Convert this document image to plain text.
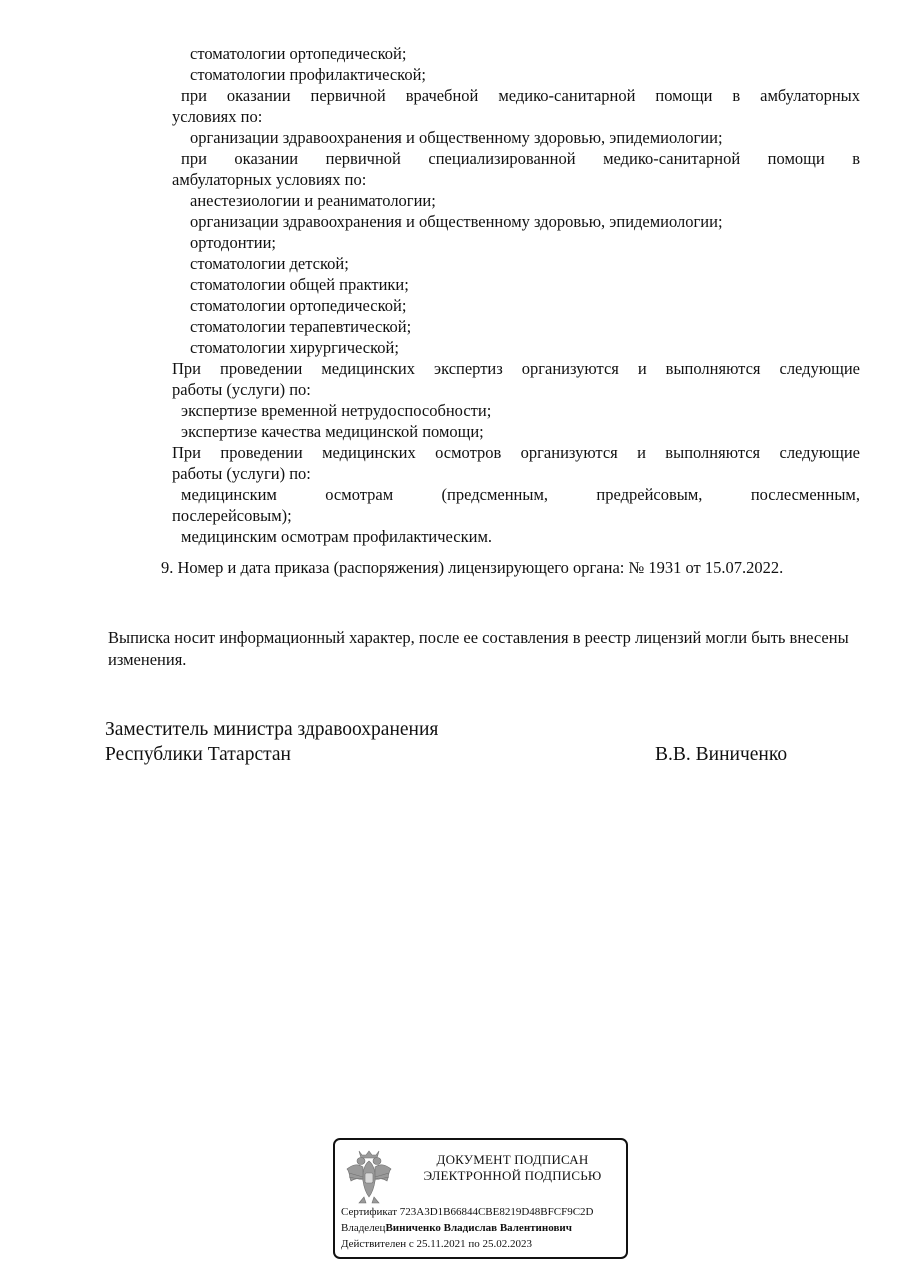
стоматологии ортопедической;
стоматологии профилактической;
при оказании первичной врачебной медико-санитарной помощи в амбулаторных
условиях по:
организации здравоохранения и общественному здоровью, эпидемиологии;
при оказании первичной специализированной медико-санитарной помощи в
амбулаторных условиях по:
анестезиологии и реаниматологии;
организации здравоохранения и общественному здоровью, эпидемиологии;
ортодонтии;
стоматологии детской;
стоматологии общей практики;
стоматологии ортопедической;
стоматологии терапевтической;
стоматологии хирургической;
При проведении медицинских экспертиз организуются и выполняются следующие
работы (услуги) по:
экспертизе временной нетрудоспособности;
экспертизе качества медицинской помощи;
При проведении медицинских осмотров организуются и выполняются следующие
работы (услуги) по:
медицинским осмотрам (предсменным, предрейсовым, послесменным,
послерейсовым);
медицинским осмотрам профилактическим.
9. Номер и дата приказа (распоряжения) лицензирующего органа: № 1931 от 15.07.2022.
Выписка носит информационный характер, после ее составления в реестр лицензий могли быть внесены изменения.
Заместитель министра здравоохранения
Республики Татарстан	В.В. Виниченко
ДОКУМЕНТ ПОДПИСАН
ЭЛЕКТРОННОЙ ПОДПИСЬЮ
Сертификат 723A3D1B66844CBE8219D48BFCF9C2D
ВладелецВиниченко Владислав Валентинович
Действителен с 25.11.2021 по 25.02.2023
